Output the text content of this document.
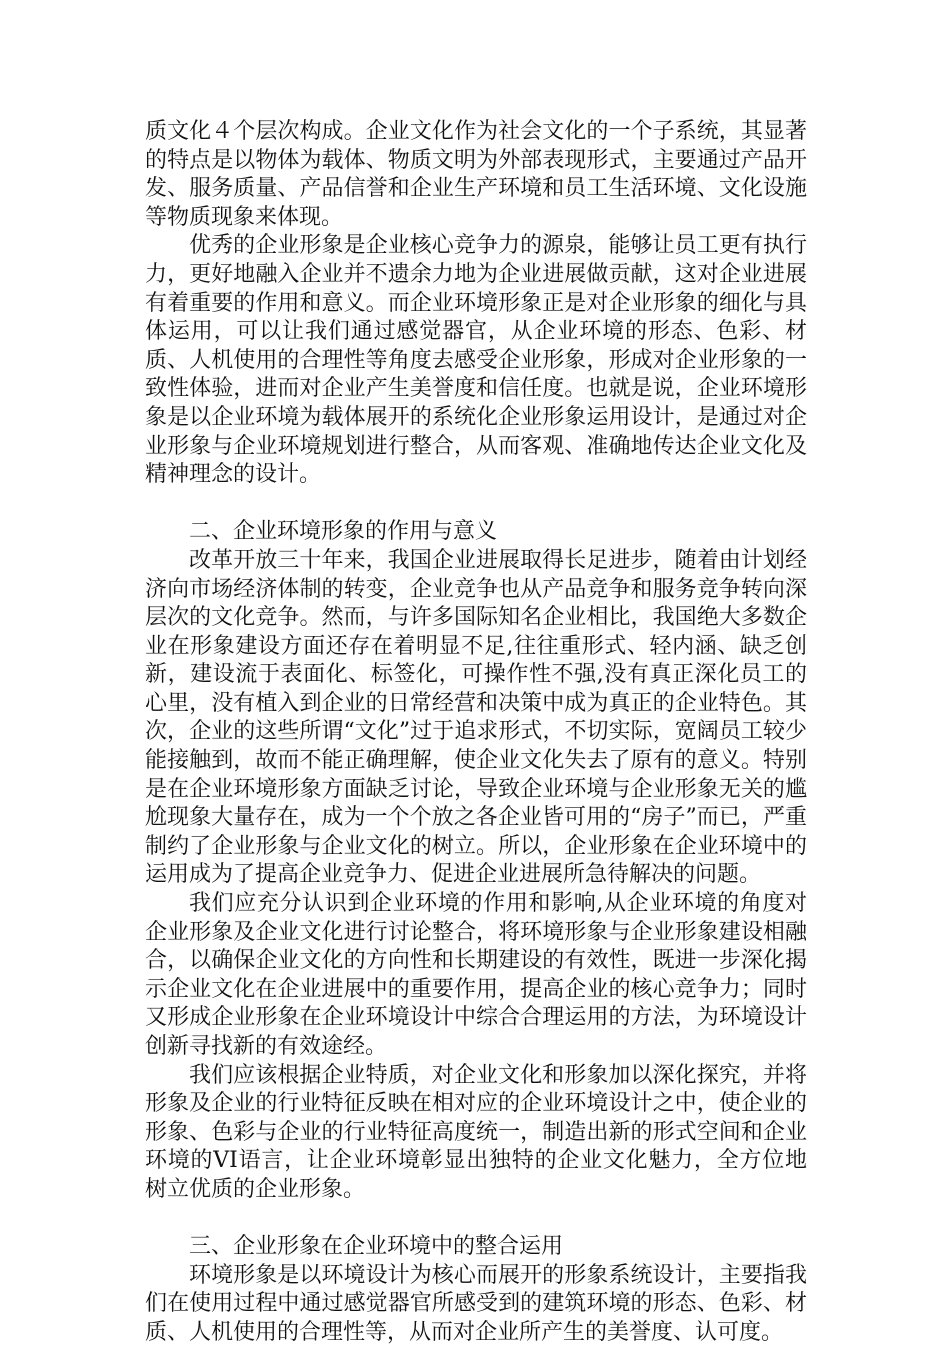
质文化４个层次构成。企业文化作为社会文化的一个子系统，其显著的特点是以物体为载体、物质文明为外部表现形式，主要通过产品开发、服务质量、产品信誉和企业生产环境和员工生活环境、文化设施等物质现象来体现。

优秀的企业形象是企业核心竞争力的源泉，能够让员工更有执行力，更好地融入企业并不遗余力地为企业进展做贡献，这对企业进展有着重要的作用和意义。而企业环境形象正是对企业形象的细化与具体运用，可以让我们通过感觉器官，从企业环境的形态、色彩、材质、人机使用的合理性等角度去感受企业形象，形成对企业形象的一致性体验，进而对企业产生美誉度和信任度。也就是说，企业环境形象是以企业环境为载体展开的系统化企业形象运用设计，是通过对企业形象与企业环境规划进行整合，从而客观、准确地传达企业文化及精神理念的设计。

二、企业环境形象的作用与意义

改革开放三十年来，我国企业进展取得长足进步，随着由计划经济向市场经济体制的转变，企业竞争也从产品竞争和服务竞争转向深层次的文化竞争。然而，与许多国际知名企业相比，我国绝大多数企业在形象建设方面还存在着明显不足,往往重形式、轻内涵、缺乏创新，建设流于表面化、标签化，可操作性不强,没有真正深化员工的心里，没有植入到企业的日常经营和决策中成为真正的企业特色。其次，企业的这些所谓“文化”过于追求形式，不切实际，宽阔员工较少能接触到，故而不能正确理解，使企业文化失去了原有的意义。特别是在企业环境形象方面缺乏讨论，导致企业环境与企业形象无关的尴尬现象大量存在，成为一个个放之各企业皆可用的“房子”而已，严重制约了企业形象与企业文化的树立。所以，企业形象在企业环境中的运用成为了提高企业竞争力、促进企业进展所急待解决的问题。

我们应充分认识到企业环境的作用和影响,从企业环境的角度对企业形象及企业文化进行讨论整合，将环境形象与企业形象建设相融合，以确保企业文化的方向性和长期建设的有效性，既进一步深化揭示企业文化在企业进展中的重要作用，提高企业的核心竞争力；同时又形成企业形象在企业环境设计中综合合理运用的方法，为环境设计创新寻找新的有效途经。

我们应该根据企业特质，对企业文化和形象加以深化探究，并将形象及企业的行业特征反映在相对应的企业环境设计之中，使企业的形象、色彩与企业的行业特征高度统一，制造出新的形式空间和企业环境的VI语言，让企业环境彰显出独特的企业文化魅力，全方位地树立优质的企业形象。

三、企业形象在企业环境中的整合运用

环境形象是以环境设计为核心而展开的形象系统设计，主要指我们在使用过程中通过感觉器官所感受到的建筑环境的形态、色彩、材质、人机使用的合理性等，从而对企业所产生的美誉度、认可度。
